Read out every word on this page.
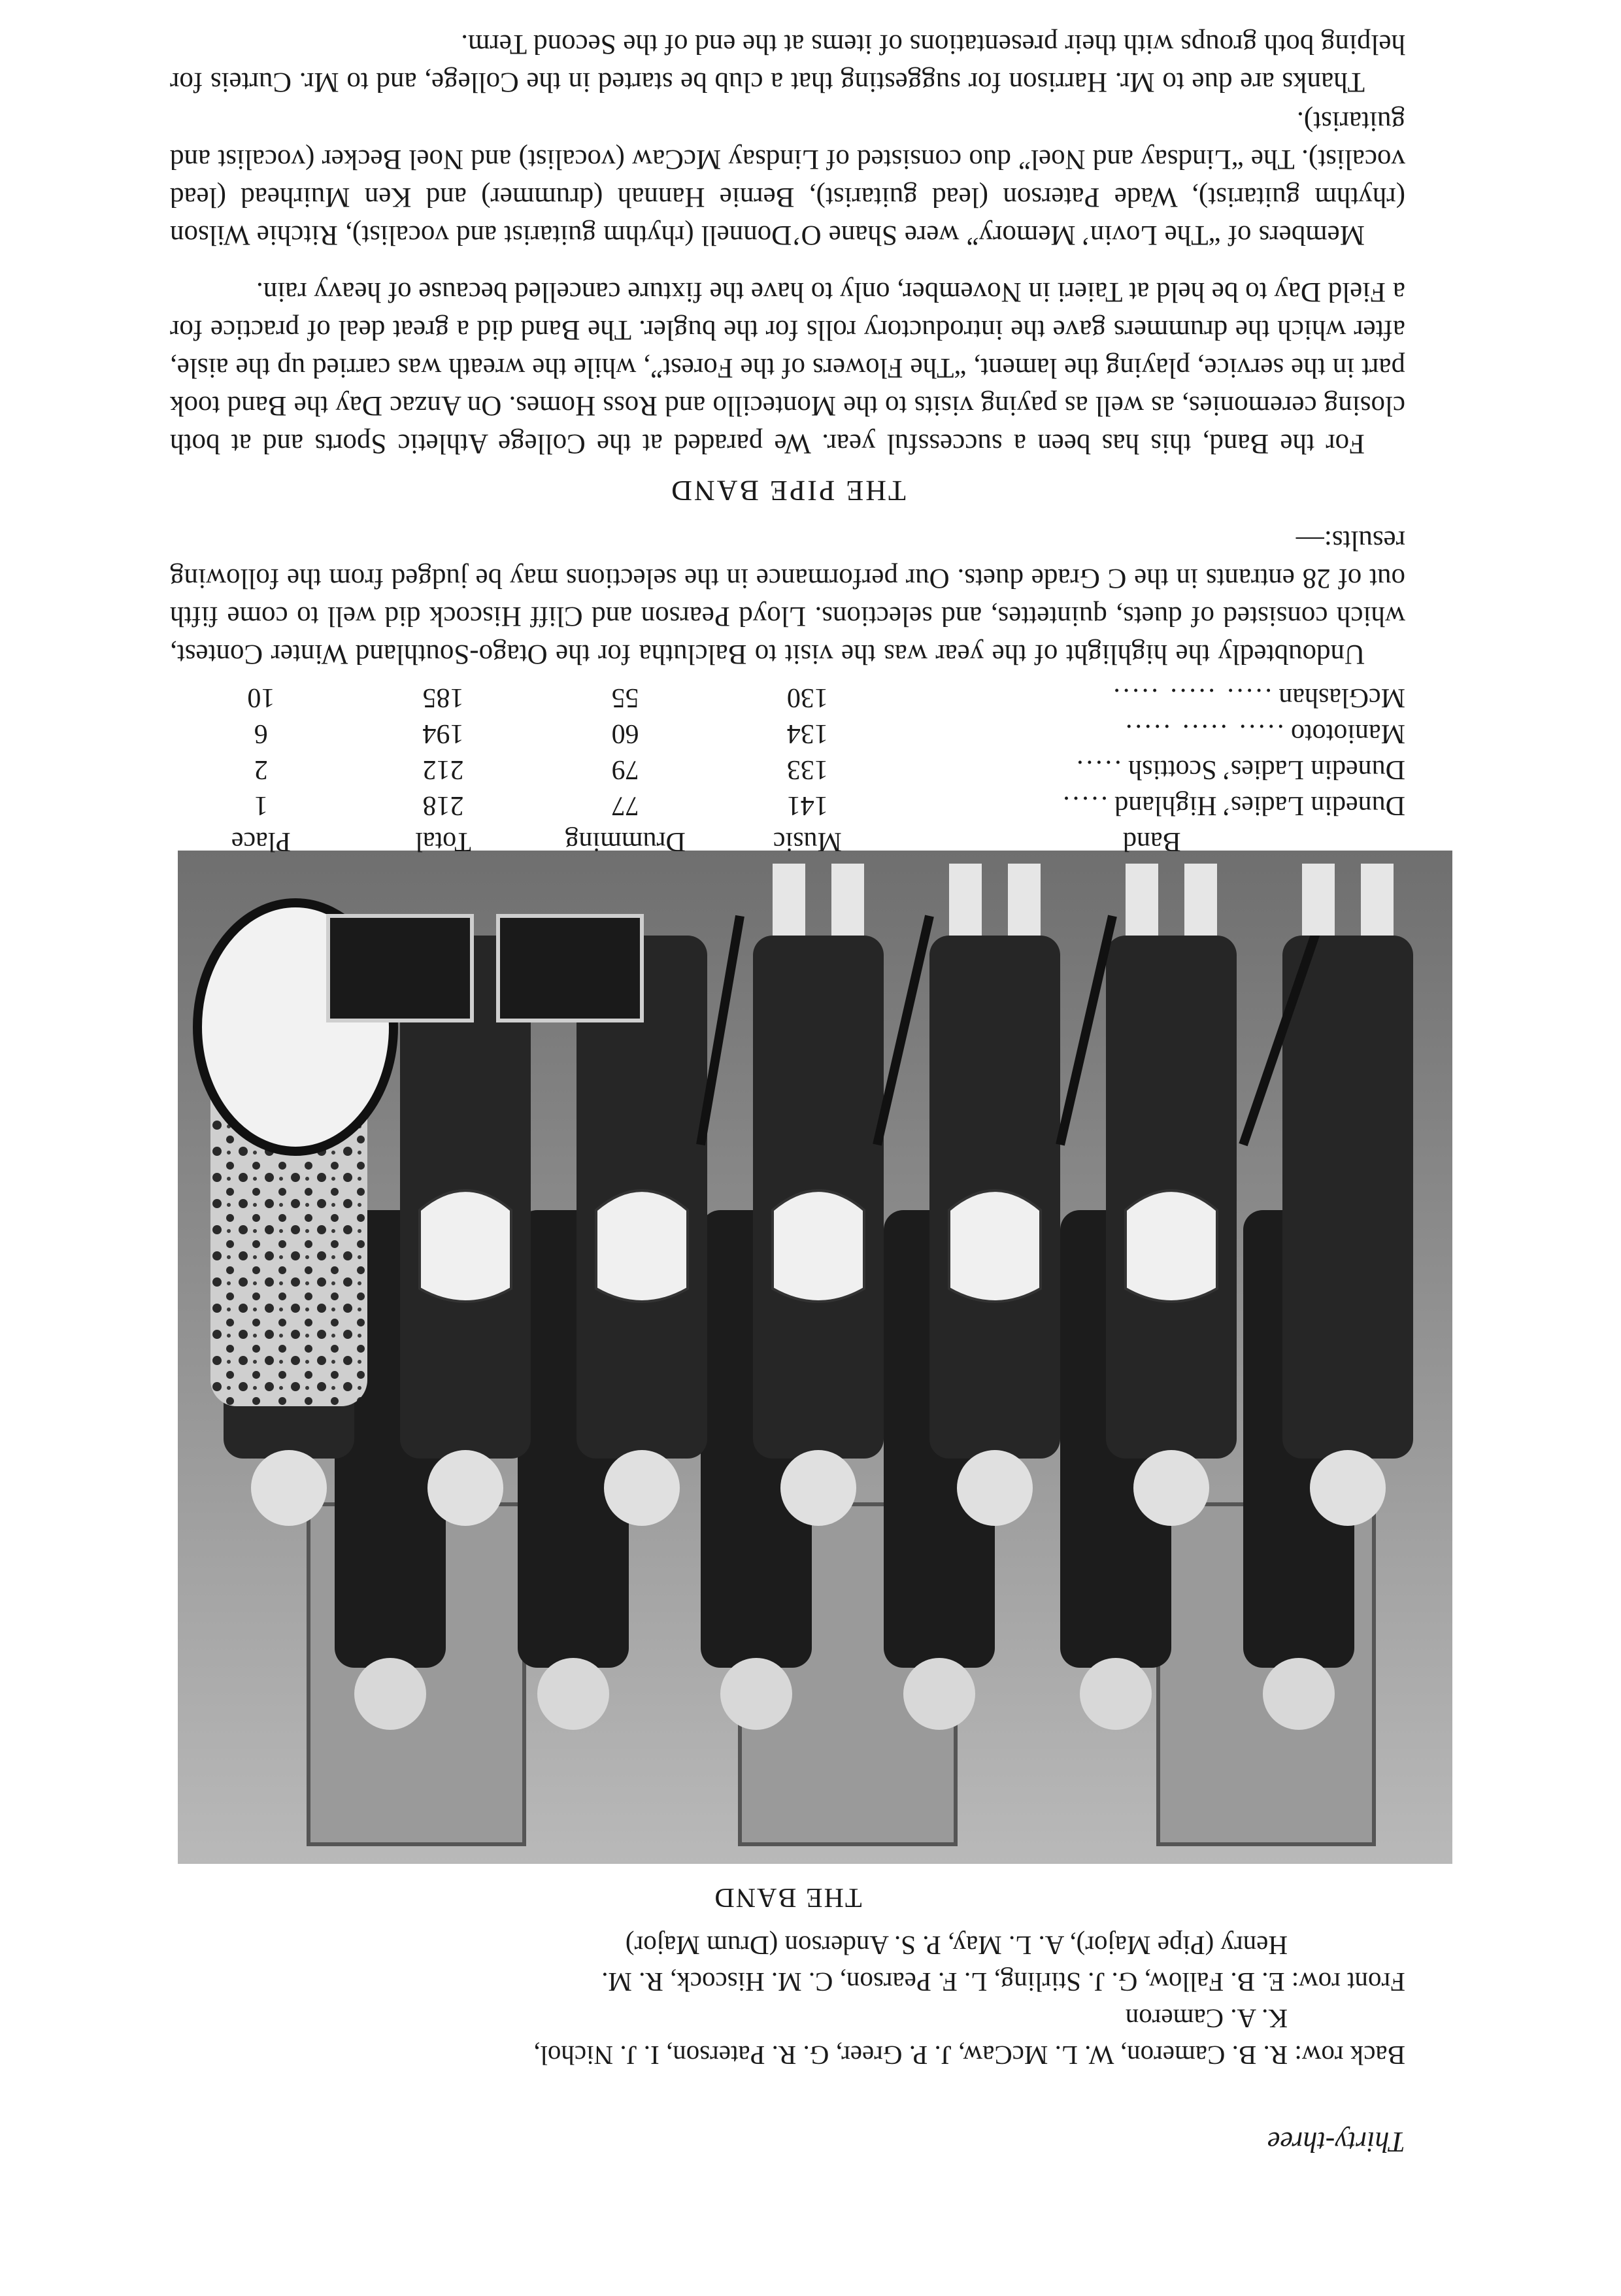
Thirty-three

Back row: R. B. Cameron, W. L. McCaw, J. P. Greer, G. R. Paterson, I. J. Nichol,
K. A. Cameron

Front row: E. B. Fallow, G. J. Stirling, L. F. Pearson, C. M. Hiscock, R. M.
Henry (Pipe Major), A. L. May, P. S. Anderson (Drum Major)

THE BAND
Band	Music	Drumming	Total	Place
Dunedin Ladies’ Highland .....	141	77	218	1
Dunedin Ladies’ Scottish .....	133	79	212	2
Maniototo ..... ..... .....	134	60	194	6
McGlashan ..... ..... .....	130	55	185	10

Undoubtedly the highlight of the year was the visit to Balclutha for the Otago-Southland Winter Contest, which consisted of duets, quintettes, and selections. Lloyd Pearson and Cliff Hiscock did well to come fifth out of 28 entrants in the C Grade duets. Our performance in the selections may be judged from the following results:—

THE PIPE BAND

For the Band, this has been a successful year. We paraded at the College Athletic Sports and at both closing ceremonies, as well as paying visits to the Montecillo and Ross Homes. On Anzac Day the Band took part in the service, playing the lament, “The Flowers of the Forest”, while the wreath was carried up the aisle, after which the drummers gave the introductory rolls for the bugler. The Band did a great deal of practice for a Field Day to be held at Taieri in November, only to have the fixture cancelled because of heavy rain.

Members of “The Lovin’ Memory” were Shane O’Donnell (rhythm guitarist and vocalist), Ritchie Wilson (rhythm guitarist), Wade Paterson (lead guitarist), Bernie Hannah (drummer) and Ken Muirhead (lead vocalist). The “Lindsay and Noel” duo consisted of Lindsay McCaw (vocalist) and Noel Becker (vocalist and guitarist).

Thanks are due to Mr. Harrison for suggesting that a club be started in the College, and to Mr. Curteis for helping both groups with their presentations of items at the end of the Second Term.
